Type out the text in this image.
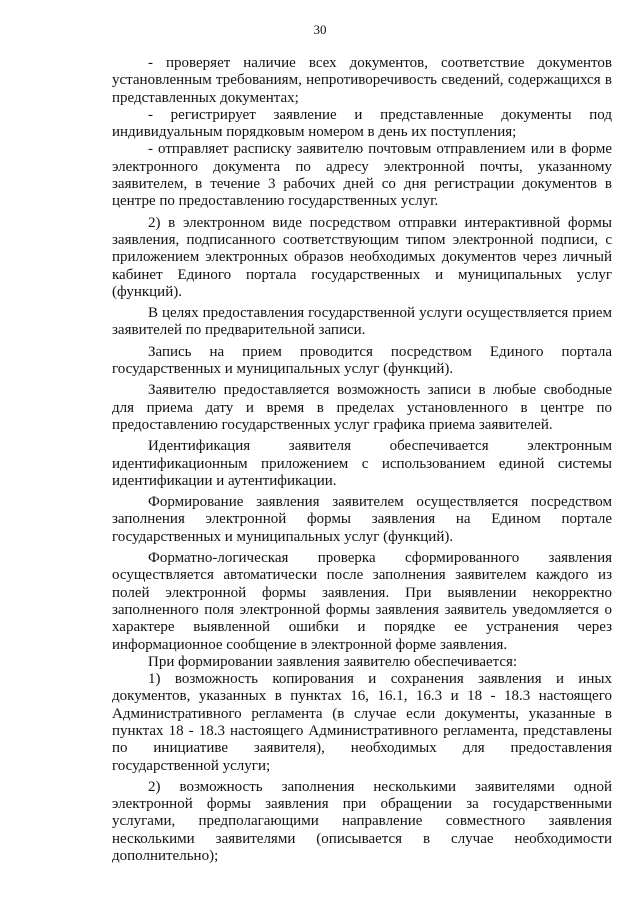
30

- проверяет наличие всех документов, соответствие документов установленным требованиям, непротиворечивость сведений, содержащихся в представленных документах;

- регистрирует заявление и представленные документы под индивидуальным порядковым номером в день их поступления;

- отправляет расписку заявителю почтовым отправлением или в форме электронного документа по адресу электронной почты, указанному заявителем, в течение 3 рабочих дней со дня регистрации документов в центре по предоставлению государственных услуг.

2) в электронном виде посредством отправки интерактивной формы заявления, подписанного соответствующим типом электронной подписи, с приложением электронных образов необходимых документов через личный кабинет Единого портала государственных и муниципальных услуг (функций).

В целях предоставления государственной услуги осуществляется прием заявителей по предварительной записи.

Запись на прием проводится посредством Единого портала государственных и муниципальных услуг (функций).

Заявителю предоставляется возможность записи в любые свободные для приема дату и время в пределах установленного в центре по предоставлению государственных услуг графика приема заявителей.

Идентификация заявителя обеспечивается электронным идентификационным приложением с использованием единой системы идентификации и аутентификации.

Формирование заявления заявителем осуществляется посредством заполнения электронной формы заявления на Едином портале государственных и муниципальных услуг (функций).

Форматно-логическая проверка сформированного заявления осуществляется автоматически после заполнения заявителем каждого из полей электронной формы заявления. При выявлении некорректно заполненного поля электронной формы заявления заявитель уведомляется о характере выявленной ошибки и порядке ее устранения через информационное сообщение в электронной форме заявления.

При формировании заявления заявителю обеспечивается:

1) возможность копирования и сохранения заявления и иных документов, указанных в пунктах 16, 16.1, 16.3 и 18 - 18.3 настоящего Административного регламента (в случае если документы, указанные в пунктах 18 - 18.3 настоящего Административного регламента, представлены по инициативе заявителя), необходимых для предоставления государственной услуги;

2) возможность заполнения несколькими заявителями одной электронной формы заявления при обращении за государственными услугами, предполагающими направление совместного заявления несколькими заявителями (описывается в случае необходимости дополнительно);
